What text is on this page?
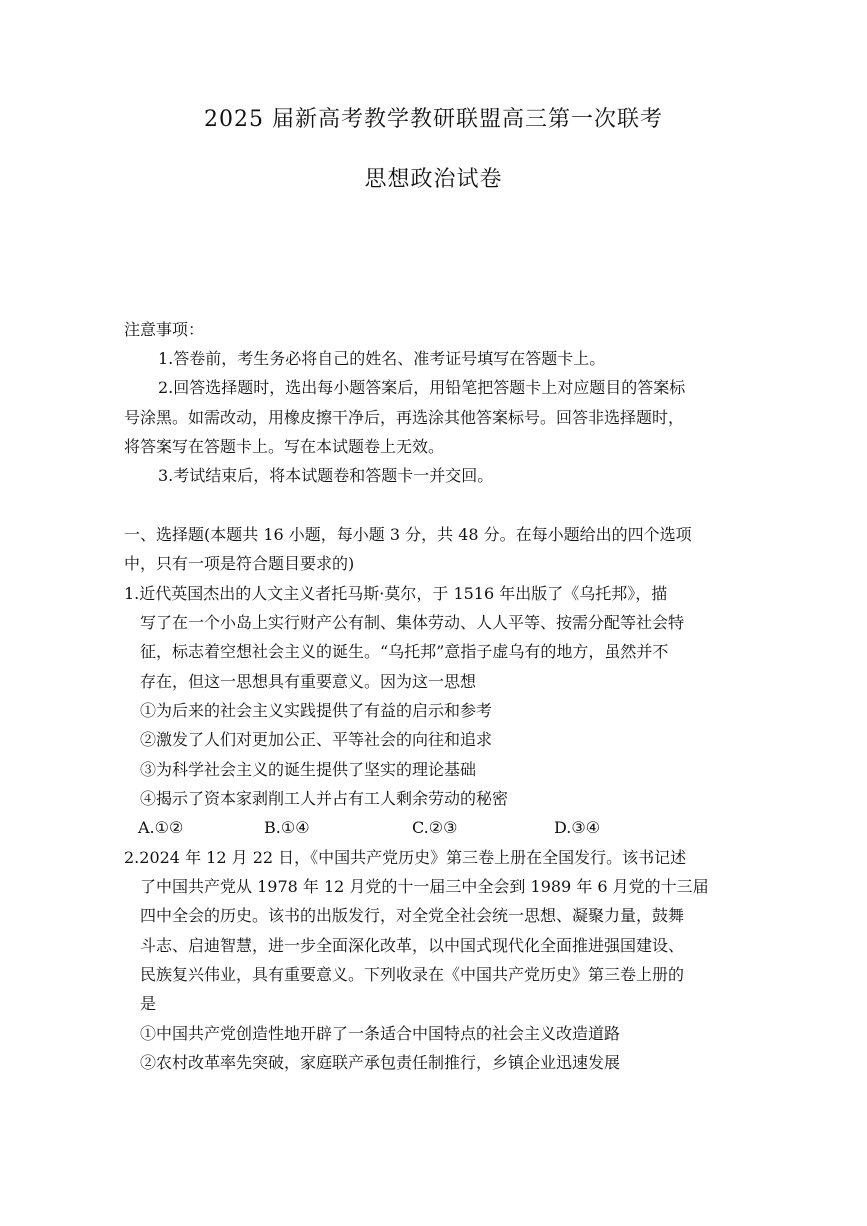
2025 届新高考教学教研联盟高三第一次联考
思想政治试卷
注意事项：
1.答卷前，考生务必将自己的姓名、准考证号填写在答题卡上。
2.回答选择题时，选出每小题答案后，用铅笔把答题卡上对应题目的答案标
号涂黑。如需改动，用橡皮擦干净后，再选涂其他答案标号。回答非选择题时，
将答案写在答题卡上。写在本试题卷上无效。
3.考试结束后，将本试题卷和答题卡一并交回。
一、选择题(本题共 16 小题，每小题 3 分，共 48 分。在每小题给出的四个选项
中，只有一项是符合题目要求的)
1.近代英国杰出的人文主义者托马斯·莫尔，于 1516 年出版了《乌托邦》，描
写了在一个小岛上实行财产公有制、集体劳动、人人平等、按需分配等社会特
征，标志着空想社会主义的诞生。“乌托邦”意指子虚乌有的地方，虽然并不
存在，但这一思想具有重要意义。因为这一思想
①为后来的社会主义实践提供了有益的启示和参考
②激发了人们对更加公正、平等社会的向往和追求
③为科学社会主义的诞生提供了坚实的理论基础
④揭示了资本家剥削工人并占有工人剩余劳动的秘密
A.①②	B.①④	C.②③	D.③④
2.2024 年 12 月 22 日，《中国共产党历史》第三卷上册在全国发行。该书记述
了中国共产党从 1978 年 12 月党的十一届三中全会到 1989 年 6 月党的十三届
四中全会的历史。该书的出版发行，对全党全社会统一思想、凝聚力量，鼓舞
斗志、启迪智慧，进一步全面深化改革，以中国式现代化全面推进强国建设、
民族复兴伟业，具有重要意义。下列收录在《中国共产党历史》第三卷上册的
是
①中国共产党创造性地开辟了一条适合中国特点的社会主义改造道路
②农村改革率先突破，家庭联产承包责任制推行，乡镇企业迅速发展
